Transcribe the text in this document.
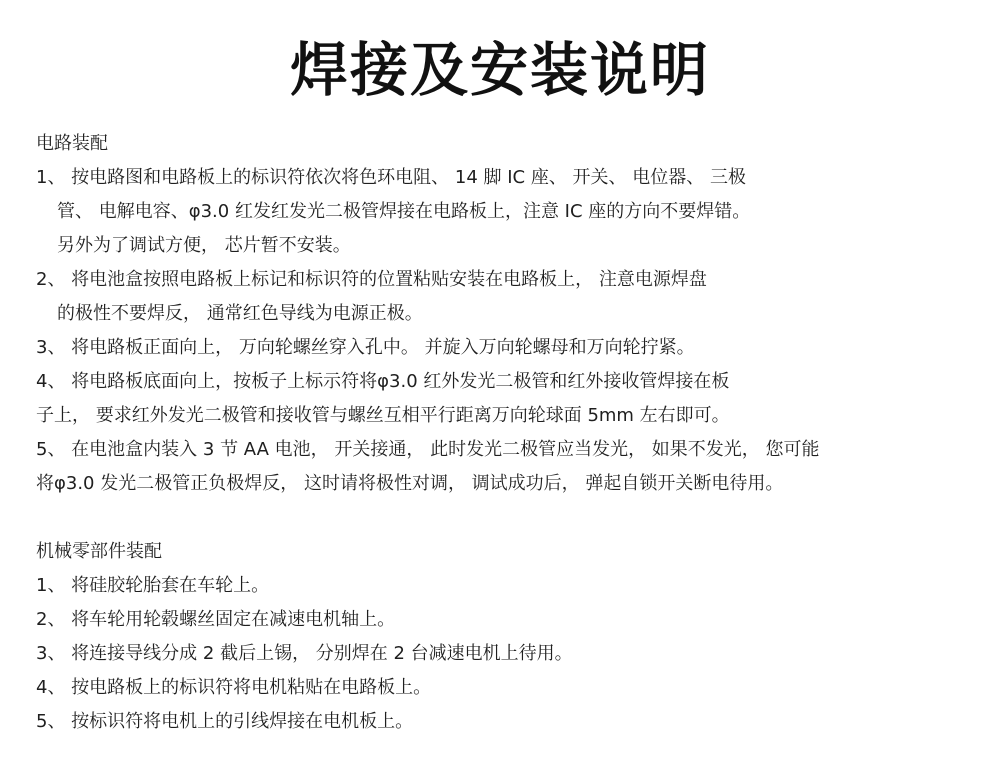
焊接及安装说明
电路装配
1、 按电路图和电路板上的标识符依次将色环电阻、 14 脚 IC 座、 开关、 电位器、 三极
管、 电解电容、φ3.0 红发红发光二极管焊接在电路板上，注意 IC 座的方向不要焊错。
另外为了调试方便， 芯片暂不安装。
2、 将电池盒按照电路板上标记和标识符的位置粘贴安装在电路板上， 注意电源焊盘
的极性不要焊反， 通常红色导线为电源正极。
3、 将电路板正面向上， 万向轮螺丝穿入孔中。 并旋入万向轮螺母和万向轮拧紧。
4、 将电路板底面向上，按板子上标示符将φ3.0 红外发光二极管和红外接收管焊接在板
子上， 要求红外发光二极管和接收管与螺丝互相平行距离万向轮球面 5mm 左右即可。
5、 在电池盒内装入 3 节 AA 电池， 开关接通， 此时发光二极管应当发光， 如果不发光， 您可能
将φ3.0 发光二极管正负极焊反， 这时请将极性对调， 调试成功后， 弹起自锁开关断电待用。
机械零部件装配
1、 将硅胶轮胎套在车轮上。
2、 将车轮用轮毂螺丝固定在减速电机轴上。
3、 将连接导线分成 2 截后上锡， 分别焊在 2 台减速电机上待用。
4、 按电路板上的标识符将电机粘贴在电路板上。
5、 按标识符将电机上的引线焊接在电机板上。
